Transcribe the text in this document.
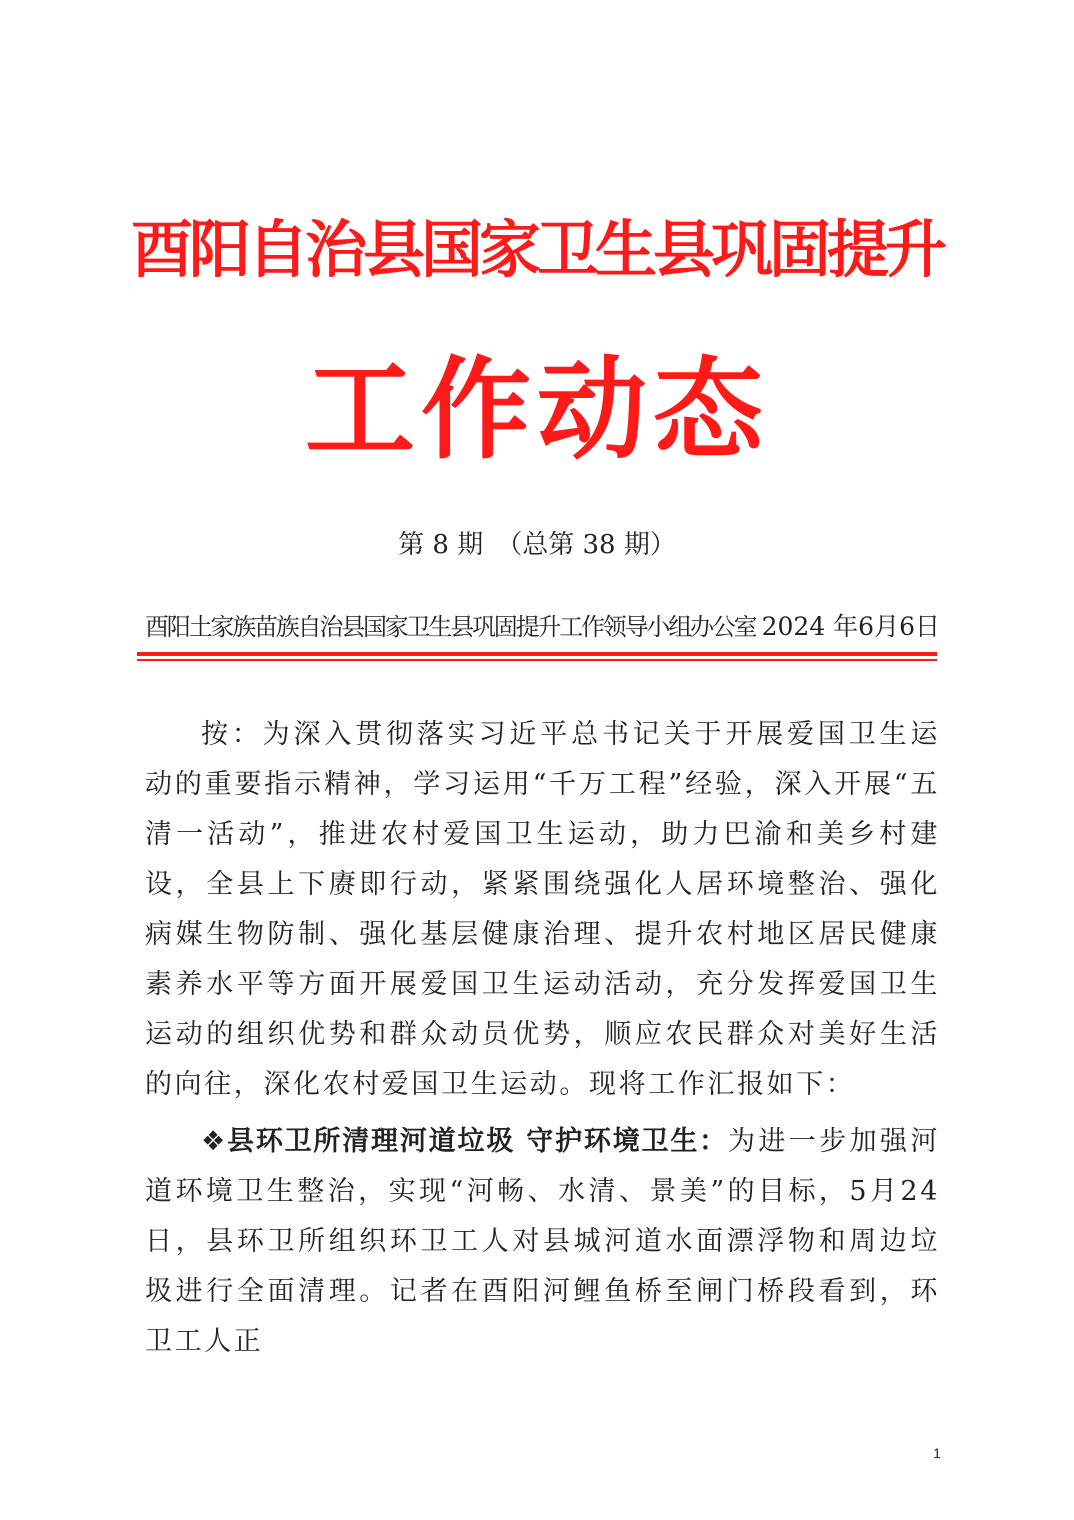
酉阳自治县国家卫生县巩固提升
工作动态
第 8 期　（总第 38 期）
酉阳土家族苗族自治县国家卫生县巩固提升工作领导小组办公室 2024 年6月6日

按：为深入贯彻落实习近平总书记关于开展爱国卫生运动的重要指示精神，学习运用“千万工程”经验，深入开展“五清一活动”，推进农村爱国卫生运动，助力巴渝和美乡村建设，全县上下赓即行动，紧紧围绕强化人居环境整治、强化病媒生物防制、强化基层健康治理、提升农村地区居民健康素养水平等方面开展爱国卫生运动活动，充分发挥爱国卫生运动的组织优势和群众动员优势，顺应农民群众对美好生活的向往，深化农村爱国卫生运动。现将工作汇报如下：

❖县环卫所清理河道垃圾 守护环境卫生：为进一步加强河道环境卫生整治，实现“河畅、水清、景美”的目标，5月24日，县环卫所组织环卫工人对县城河道水面漂浮物和周边垃圾进行全面清理。记者在酉阳河鲤鱼桥至闸门桥段看到，环卫工人正

1
